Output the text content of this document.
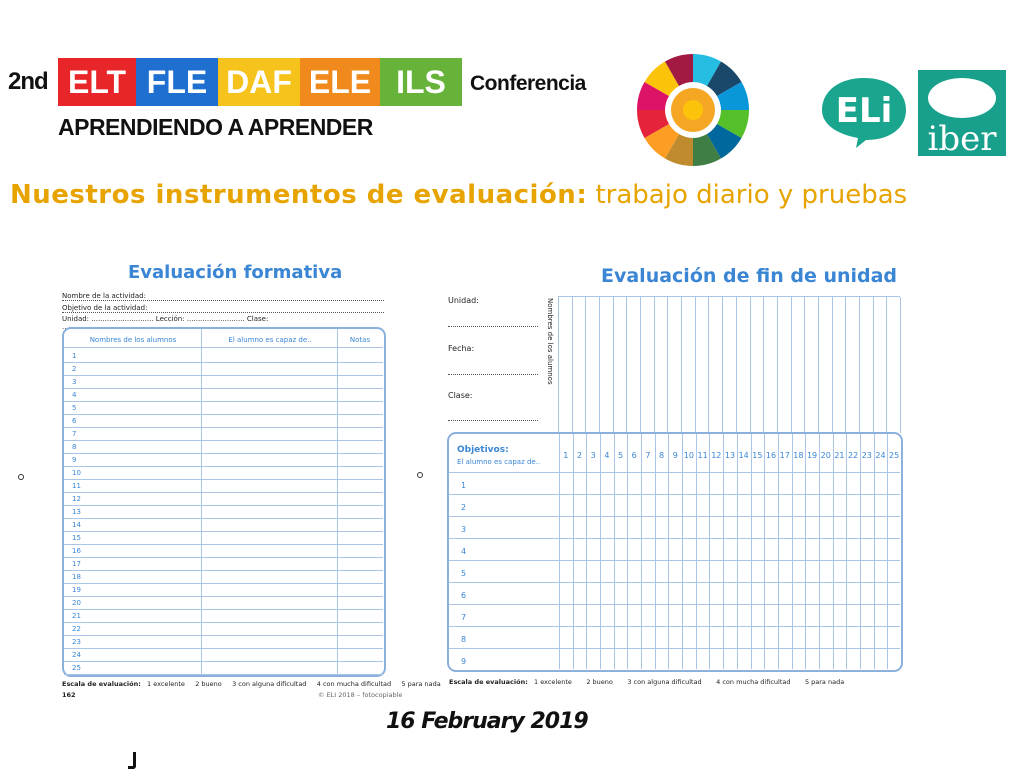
2nd ELT FLE DAF ELE ILS	Conferencia
APRENDIENDO A APRENDER	ELi
iber
Nuestros instrumentos de evaluación: trabajo diario y pruebas
Evaluación formativa
Nombre de la actividad:
Objetivo de la actividad:
Unidad: ............................ Lección: .......................... Clase: .............................................................
Nombres de los alumnos	El alumno es capaz de..	Notas
1
2
3
4
5
6
7
8
9
10
11
12
13
14
15
16
17
18
19
20
21
22
23
24
25
Escala de evaluación: 1 excelente 2 bueno 3 con alguna dificultad 4 con mucha dificultad 5 para nada
162	© ELI 2018 – fotocopiable
Evaluación de fin de unidad
Unidad:
Fecha:
Clase:
Nombres de los alumnos
Objetivos:
El alumno es capaz de..
1	2	3	4	5	6	7	8	9 10 11 12 13 14 15 16 17 18 19 20 21 22 23 24 25
1
2
3
4
5
6
7
8
9
Escala de evaluación: 1 excelente 2 bueno 3 con alguna dificultad 4 con mucha dificultad 5 para nada
16 February 2019
